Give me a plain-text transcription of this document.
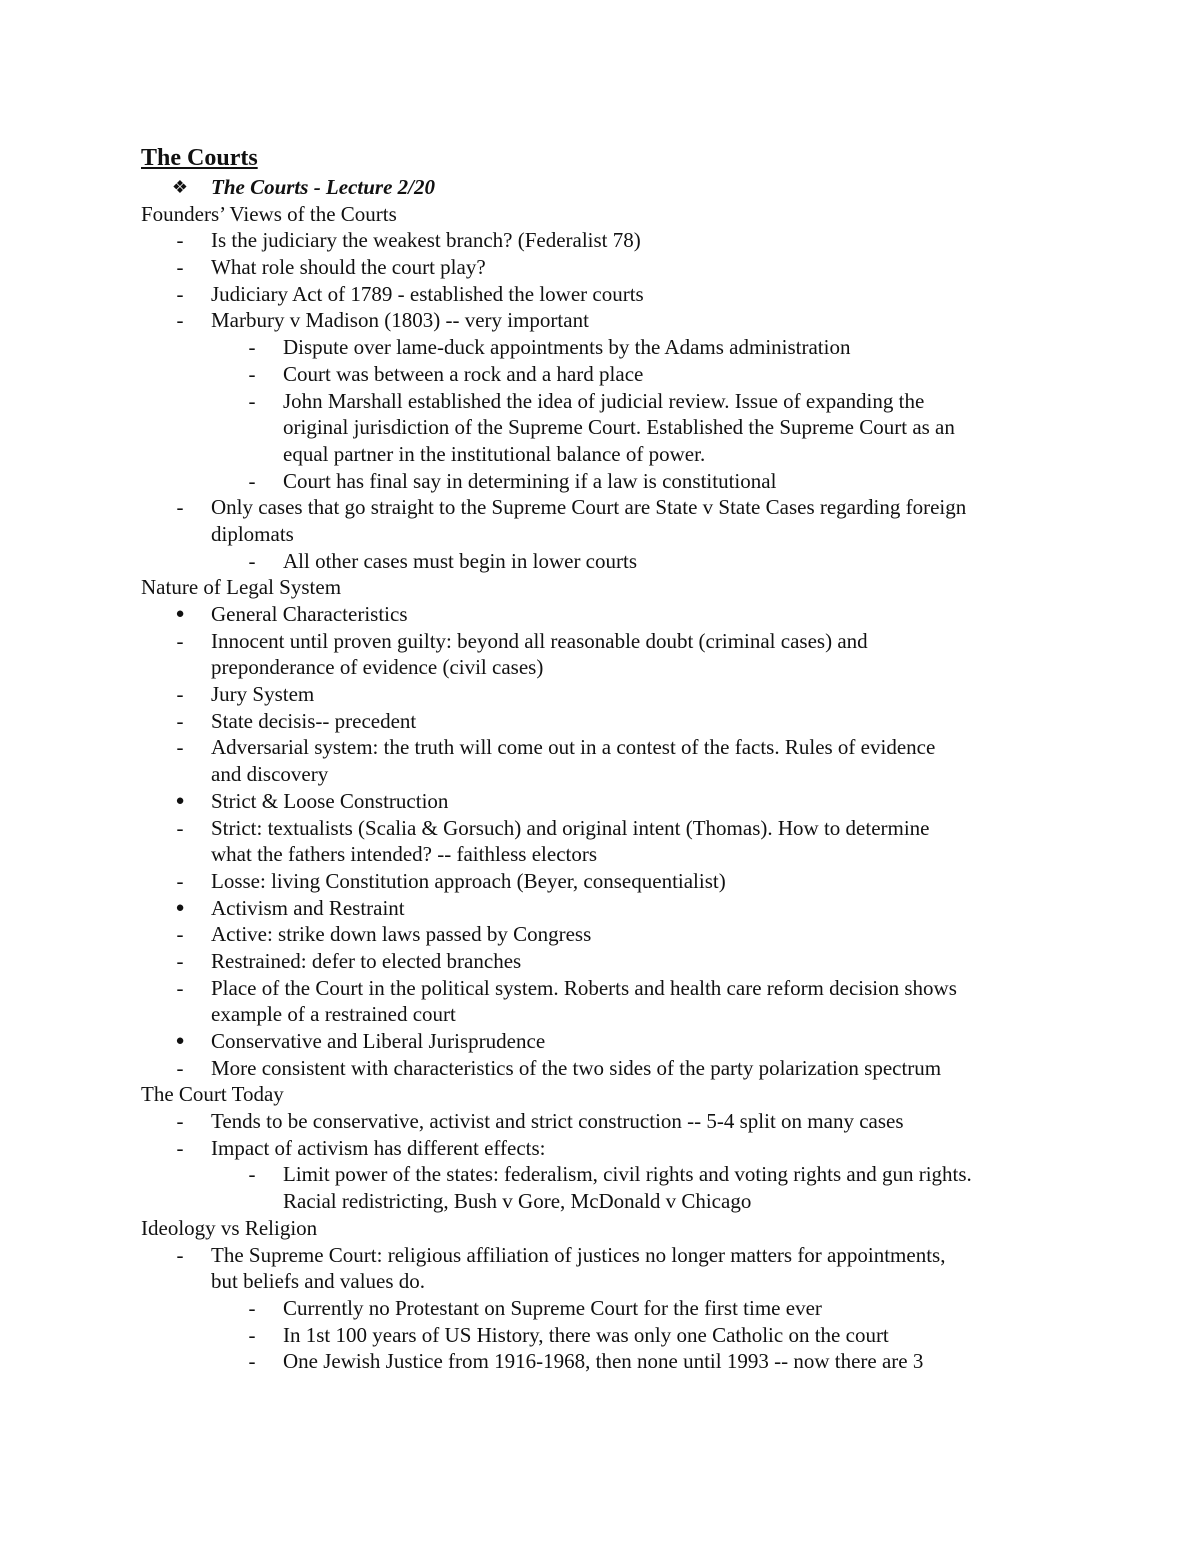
The Courts
❖ The Courts - Lecture 2/20
Founders’ Views of the Courts
-	Is the judiciary the weakest branch? (Federalist 78)
-	What role should the court play?
-	Judiciary Act of 1789 - established the lower courts
-	Marbury v Madison (1803) -- very important
-	Dispute over lame-duck appointments by the Adams administration
-	Court was between a rock and a hard place
-	John Marshall established the idea of judicial review. Issue of expanding the
original jurisdiction of the Supreme Court. Established the Supreme Court as an
equal partner in the institutional balance of power.
-	Court has final say in determining if a law is constitutional
-	Only cases that go straight to the Supreme Court are State v State Cases regarding foreign
diplomats
-	All other cases must begin in lower courts
Nature of Legal System
● General Characteristics
-	Innocent until proven guilty: beyond all reasonable doubt (criminal cases) and
preponderance of evidence (civil cases)
-	Jury System
-	State decisis-- precedent
-	Adversarial system: the truth will come out in a contest of the facts. Rules of evidence
and discovery
● Strict & Loose Construction
-	Strict: textualists (Scalia & Gorsuch) and original intent (Thomas). How to determine
what the fathers intended? -- faithless electors
-	Losse: living Constitution approach (Beyer, consequentialist)
● Activism and Restraint
-	Active: strike down laws passed by Congress
-	Restrained: defer to elected branches
-	Place of the Court in the political system. Roberts and health care reform decision shows
example of a restrained court
● Conservative and Liberal Jurisprudence
-	More consistent with characteristics of the two sides of the party polarization spectrum
The Court Today
-	Tends to be conservative, activist and strict construction -- 5-4 split on many cases
-	Impact of activism has different effects:
-	Limit power of the states: federalism, civil rights and voting rights and gun rights.
Racial redistricting, Bush v Gore, McDonald v Chicago
Ideology vs Religion
-	The Supreme Court: religious affiliation of justices no longer matters for appointments,
but beliefs and values do.
-	Currently no Protestant on Supreme Court for the first time ever
-	In 1st 100 years of US History, there was only one Catholic on the court
-	One Jewish Justice from 1916-1968, then none until 1993 -- now there are 3
